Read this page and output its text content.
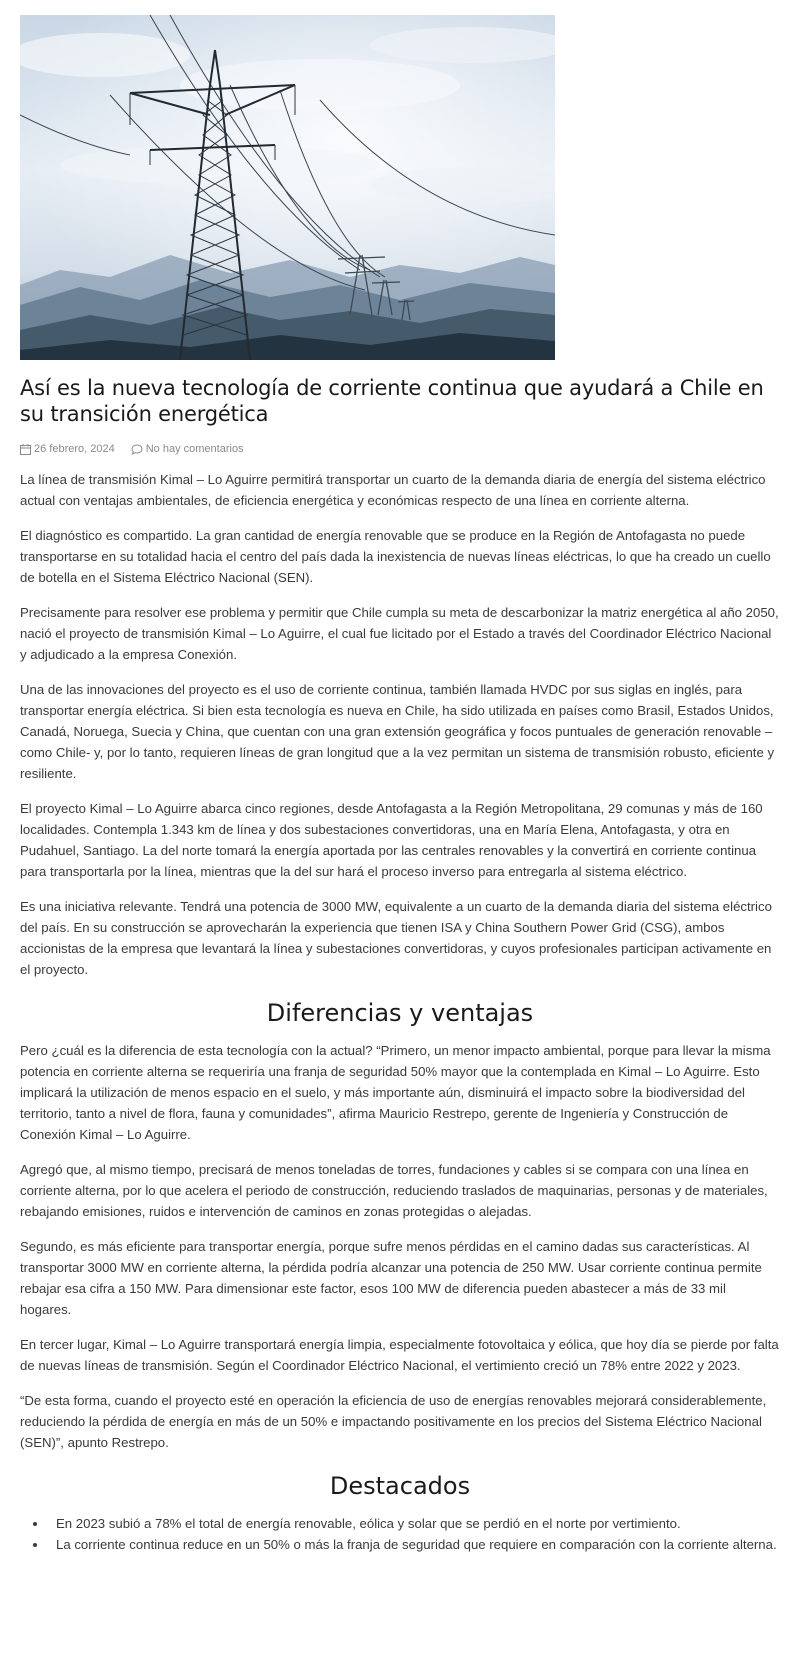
Así es la nueva tecnología de corriente continua que ayudará a Chile en su transición energética
26 febrero, 2024	No hay comentarios

La línea de transmisión Kimal – Lo Aguirre permitirá transportar un cuarto de la demanda diaria de energía del sistema eléctrico actual con ventajas ambientales, de eficiencia energética y económicas respecto de una línea en corriente alterna.

El diagnóstico es compartido. La gran cantidad de energía renovable que se produce en la Región de Antofagasta no puede transportarse en su totalidad hacia el centro del país dada la inexistencia de nuevas líneas eléctricas, lo que ha creado un cuello de botella en el Sistema Eléctrico Nacional (SEN).

Precisamente para resolver ese problema y permitir que Chile cumpla su meta de descarbonizar la matriz energética al año 2050, nació el proyecto de transmisión Kimal – Lo Aguirre, el cual fue licitado por el Estado a través del Coordinador Eléctrico Nacional y adjudicado a la empresa Conexión.

Una de las innovaciones del proyecto es el uso de corriente continua, también llamada HVDC por sus siglas en inglés, para transportar energía eléctrica. Si bien esta tecnología es nueva en Chile, ha sido utilizada en países como Brasil, Estados Unidos, Canadá, Noruega, Suecia y China, que cuentan con una gran extensión geográfica y focos puntuales de generación renovable –como Chile- y, por lo tanto, requieren líneas de gran longitud que a la vez permitan un sistema de transmisión robusto, eficiente y resiliente.

El proyecto Kimal – Lo Aguirre abarca cinco regiones, desde Antofagasta a la Región Metropolitana, 29 comunas y más de 160 localidades. Contempla 1.343 km de línea y dos subestaciones convertidoras, una en María Elena, Antofagasta, y otra en Pudahuel, Santiago. La del norte tomará la energía aportada por las centrales renovables y la convertirá en corriente continua para transportarla por la línea, mientras que la del sur hará el proceso inverso para entregarla al sistema eléctrico.

Es una iniciativa relevante. Tendrá una potencia de 3000 MW, equivalente a un cuarto de la demanda diaria del sistema eléctrico del país. En su construcción se aprovecharán la experiencia que tienen ISA y China Southern Power Grid (CSG), ambos accionistas de la empresa que levantará la línea y subestaciones convertidoras, y cuyos profesionales participan activamente en el proyecto.

Diferencias y ventajas

Pero ¿cuál es la diferencia de esta tecnología con la actual? “Primero, un menor impacto ambiental, porque para llevar la misma potencia en corriente alterna se requeriría una franja de seguridad 50% mayor que la contemplada en Kimal – Lo Aguirre. Esto implicará la utilización de menos espacio en el suelo, y más importante aún, disminuirá el impacto sobre la biodiversidad del territorio, tanto a nivel de flora, fauna y comunidades”, afirma Mauricio Restrepo, gerente de Ingeniería y Construcción de Conexión Kimal – Lo Aguirre.

Agregó que, al mismo tiempo, precisará de menos toneladas de torres, fundaciones y cables si se compara con una línea en corriente alterna, por lo que acelera el periodo de construcción, reduciendo traslados de maquinarias, personas y de materiales, rebajando emisiones, ruidos e intervención de caminos en zonas protegidas o alejadas.

Segundo, es más eficiente para transportar energía, porque sufre menos pérdidas en el camino dadas sus características. Al transportar 3000 MW en corriente alterna, la pérdida podría alcanzar una potencia de 250 MW. Usar corriente continua permite rebajar esa cifra a 150 MW. Para dimensionar este factor, esos 100 MW de diferencia pueden abastecer a más de 33 mil hogares.

En tercer lugar, Kimal – Lo Aguirre transportará energía limpia, especialmente fotovoltaica y eólica, que hoy día se pierde por falta de nuevas líneas de transmisión. Según el Coordinador Eléctrico Nacional, el vertimiento creció un 78% entre 2022 y 2023.

“De esta forma, cuando el proyecto esté en operación la eficiencia de uso de energías renovables mejorará considerablemente, reduciendo la pérdida de energía en más de un 50% e impactando positivamente en los precios del Sistema Eléctrico Nacional (SEN)”, apunto Restrepo.

Destacados
• En 2023 subió a 78% el total de energía renovable, eólica y solar que se perdió en el norte por vertimiento.
• La corriente continua reduce en un 50% o más la franja de seguridad que requiere en comparación con la corriente alterna.
